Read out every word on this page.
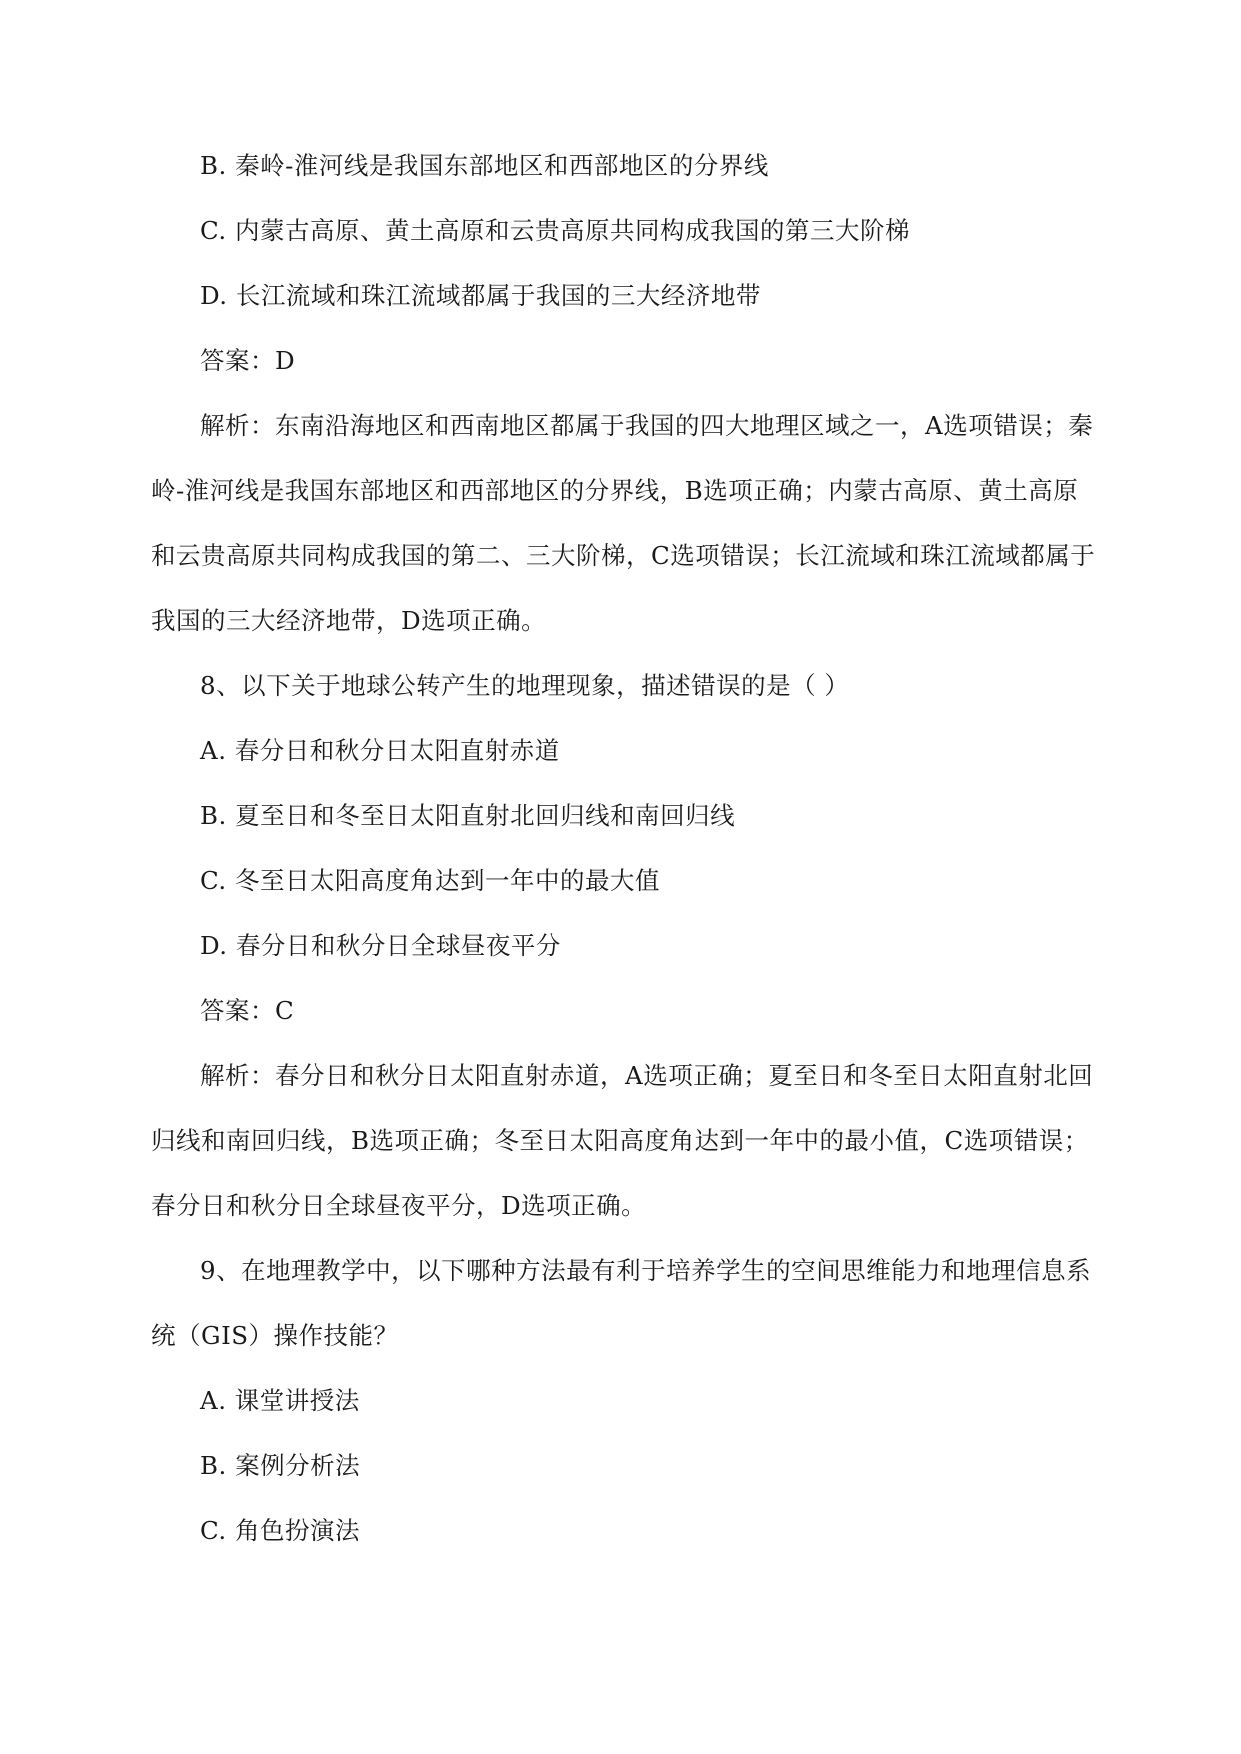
B. 秦岭-淮河线是我国东部地区和西部地区的分界线
C. 内蒙古高原、黄土高原和云贵高原共同构成我国的第三大阶梯
D. 长江流域和珠江流域都属于我国的三大经济地带
答案：D
解析：东南沿海地区和西南地区都属于我国的四大地理区域之一，A选项错误；秦
岭-淮河线是我国东部地区和西部地区的分界线，B选项正确；内蒙古高原、黄土高原
和云贵高原共同构成我国的第二、三大阶梯，C选项错误；长江流域和珠江流域都属于
我国的三大经济地带，D选项正确。
8、以下关于地球公转产生的地理现象，描述错误的是（ ）
A. 春分日和秋分日太阳直射赤道
B. 夏至日和冬至日太阳直射北回归线和南回归线
C. 冬至日太阳高度角达到一年中的最大值
D. 春分日和秋分日全球昼夜平分
答案：C
解析：春分日和秋分日太阳直射赤道，A选项正确；夏至日和冬至日太阳直射北回
归线和南回归线，B选项正确；冬至日太阳高度角达到一年中的最小值，C选项错误；
春分日和秋分日全球昼夜平分，D选项正确。
9、在地理教学中，以下哪种方法最有利于培养学生的空间思维能力和地理信息系
统（GIS）操作技能？
A. 课堂讲授法
B. 案例分析法
C. 角色扮演法
